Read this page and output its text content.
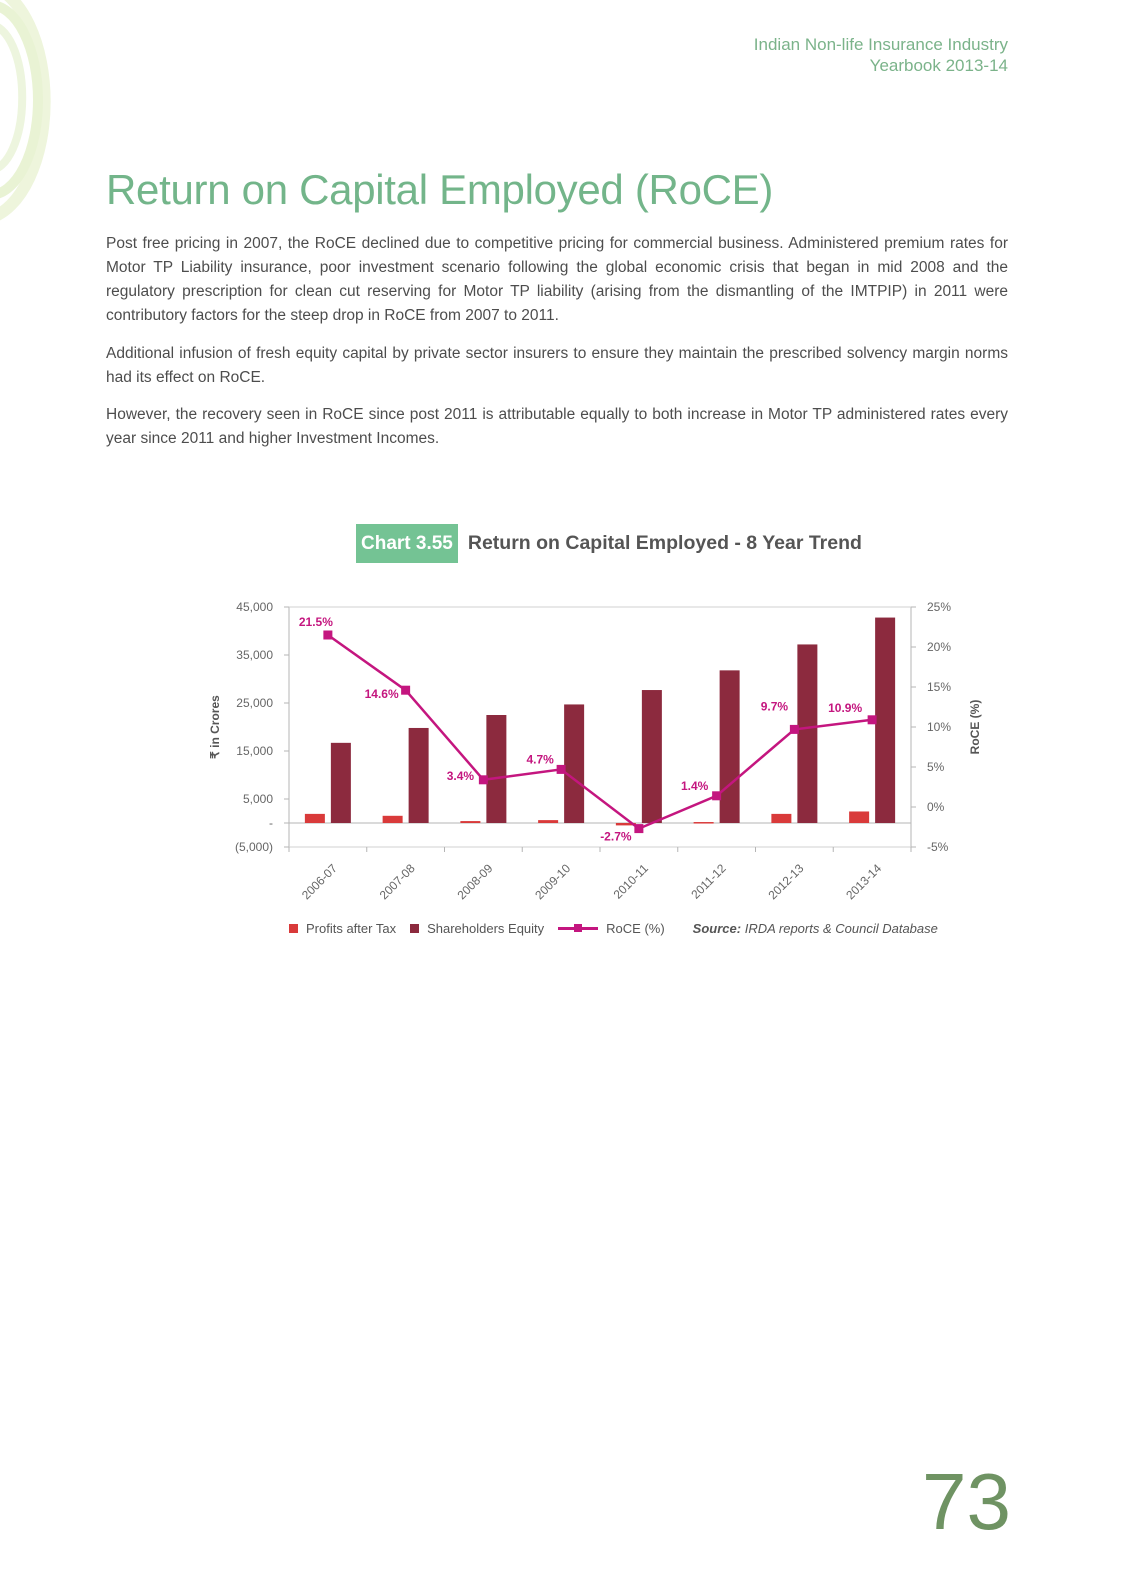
Indian Non-life Insurance Industry
Yearbook 2013-14
Return on Capital Employed (RoCE)

Post free pricing in 2007, the RoCE declined due to competitive pricing for commercial business. Administered premium rates for Motor TP Liability insurance, poor investment scenario following the global economic crisis that began in mid 2008 and the regulatory prescription for clean cut reserving for Motor TP liability (arising from the dismantling of the IMTPIP) in 2011 were contributory factors for the steep drop in RoCE from 2007 to 2011.

Additional infusion of fresh equity capital by private sector insurers to ensure they maintain the prescribed solvency margin norms had its effect on RoCE.

However, the recovery seen in RoCE since post 2011 is attributable equally to both increase in Motor TP administered rates every year since 2011 and higher Investment Incomes.

Chart 3.55 Return on Capital Employed - 8 Year Trend
(5,000)
-
5,000
15,000
25,000
35,000
45,000
-5%
0%
5%
10%
15%
20%
25%
₹ in Crores	RoCE (%)
2006-07	2007-08	2008-09	2009-10	2010-11	2011-12	2012-13	2013-14
21.5%
14.6%
3.4%
4.7%
-2.7%
1.4%
9.7%	10.9%
Profits after Tax Shareholders Equity	RoCE (%) Source: IRDA reports & Council Database
73
